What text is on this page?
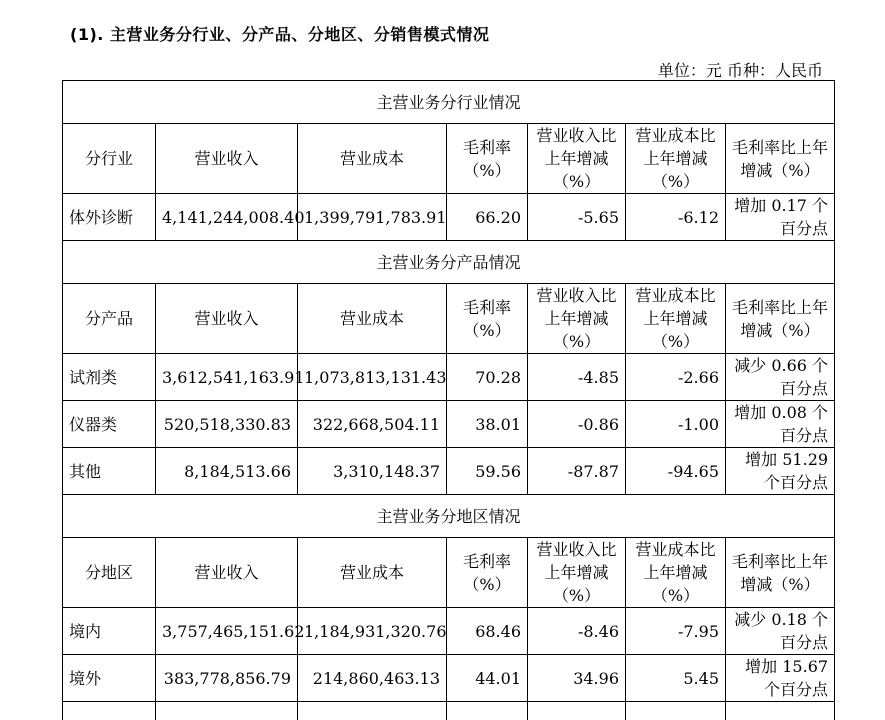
(1). 主营业务分行业、分产品、分地区、分销售模式情况
单位：元 币种：人民币
主营业务分行业情况						
分行业	营业收入	营业成本	毛利率（%）	营业收入比上年增减（%）	营业成本比上年增减（%）	毛利率比上年增减（%）
体外诊断	4,141,244,008.40	1,399,791,783.91	66.20	-5.65	-6.12	增加 0.17 个百分点
主营业务分产品情况						
分产品	营业收入	营业成本	毛利率（%）	营业收入比上年增减（%）	营业成本比上年增减（%）	毛利率比上年增减（%）
试剂类	3,612,541,163.91	1,073,813,131.43	70.28	-4.85	-2.66	减少 0.66 个百分点
仪器类	520,518,330.83	322,668,504.11	38.01	-0.86	-1.00	增加 0.08 个百分点
其他	8,184,513.66	3,310,148.37	59.56	-87.87	-94.65	增加 51.29 个百分点
主营业务分地区情况						
分地区	营业收入	营业成本	毛利率（%）	营业收入比上年增减（%）	营业成本比上年增减（%）	毛利率比上年增减（%）
境内	3,757,465,151.62	1,184,931,320.76	68.46	-8.46	-7.95	减少 0.18 个百分点
境外	383,778,856.79	214,860,463.13	44.01	34.96	5.45	增加 15.67 个百分点
